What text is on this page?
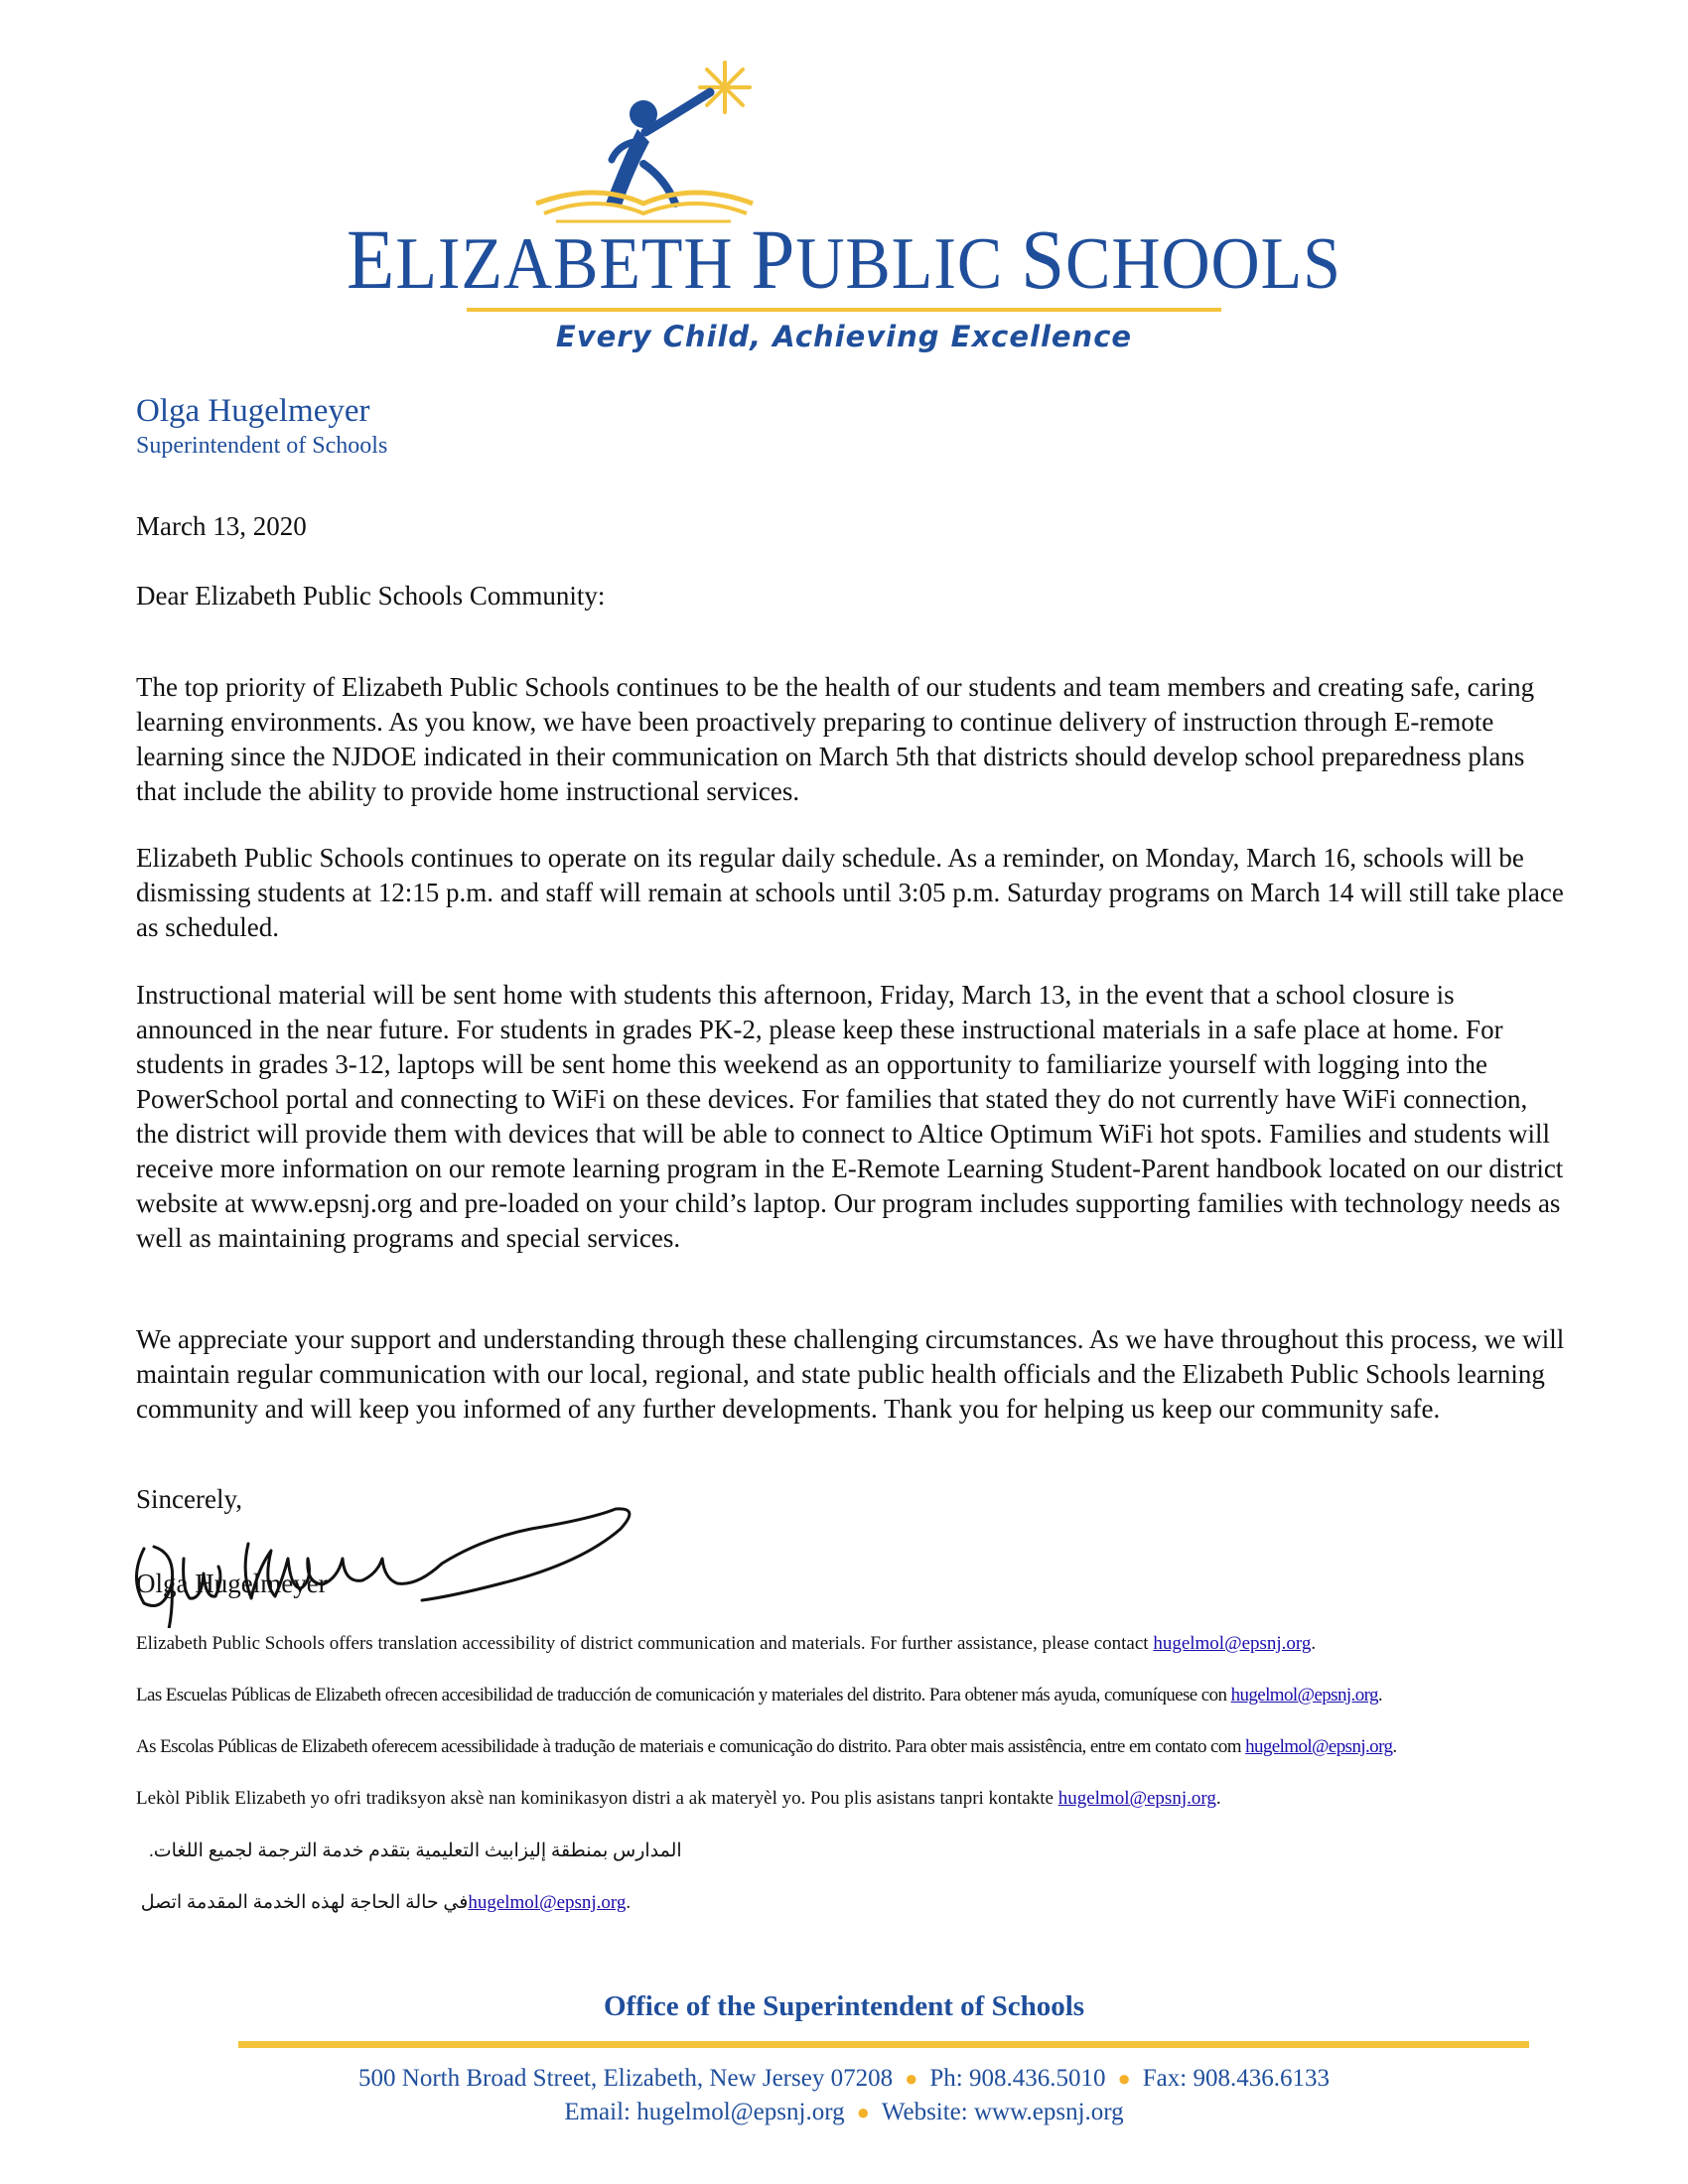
ELIZABETH PUBLIC SCHOOLS
Every Child, Achieving Excellence
Olga Hugelmeyer
Superintendent of Schools
March 13, 2020
Dear Elizabeth Public Schools Community:

The top priority of Elizabeth Public Schools continues to be the health of our students and team members and creating safe, caring learning environments. As you know, we have been proactively preparing to continue delivery of instruction through E-remote learning since the NJDOE indicated in their communication on March 5th that districts should develop school preparedness plans that include the ability to provide home instructional services.

Elizabeth Public Schools continues to operate on its regular daily schedule. As a reminder, on Monday, March 16, schools will be dismissing students at 12:15 p.m. and staff will remain at schools until 3:05 p.m. Saturday programs on March 14 will still take place as scheduled.

Instructional material will be sent home with students this afternoon, Friday, March 13, in the event that a school closure is announced in the near future. For students in grades PK-2, please keep these instructional materials in a safe place at home. For students in grades 3-12, laptops will be sent home this weekend as an opportunity to familiarize yourself with logging into the PowerSchool portal and connecting to WiFi on these devices. For families that stated they do not currently have WiFi connection, the district will provide them with devices that will be able to connect to Altice Optimum WiFi hot spots. Families and students will receive more information on our remote learning program in the E-Remote Learning Student-Parent handbook located on our district website at www.epsnj.org and pre-loaded on your child’s laptop. Our program includes supporting families with technology needs as well as maintaining programs and special services.

We appreciate your support and understanding through these challenging circumstances. As we have throughout this process, we will maintain regular communication with our local, regional, and state public health officials and the Elizabeth Public Schools learning community and will keep you informed of any further developments. Thank you for helping us keep our community safe.

Sincerely,
Olga Hugelmeyer
Elizabeth Public Schools offers translation accessibility of district communication and materials. For further assistance, please contact hugelmol@epsnj.org.
Las Escuelas Públicas de Elizabeth ofrecen accesibilidad de traducción de comunicación y materiales del distrito. Para obtener más ayuda, comuníquese con hugelmol@epsnj.org.
As Escolas Públicas de Elizabeth oferecem acessibilidade à tradução de materiais e comunicação do distrito. Para obter mais assistência, entre em contato com hugelmol@epsnj.org.
Lekòl Piblik Elizabeth yo ofri tradiksyon aksè nan kominikasyon distri a ak materyèl yo. Pou plis asistans tanpri kontakte hugelmol@epsnj.org.
المدارس بمنطقة إليزابيث التعليمية بتقدم خدمة الترجمة لجميع اللغات.
في حالة الحاجة لهذه الخدمة المقدمة اتصل hugelmol@epsnj.org.
Office of the Superintendent of Schools
500 North Broad Street, Elizabeth, New Jersey 07208 ● Ph: 908.436.5010 ● Fax: 908.436.6133
Email: hugelmol@epsnj.org ● Website: www.epsnj.org
